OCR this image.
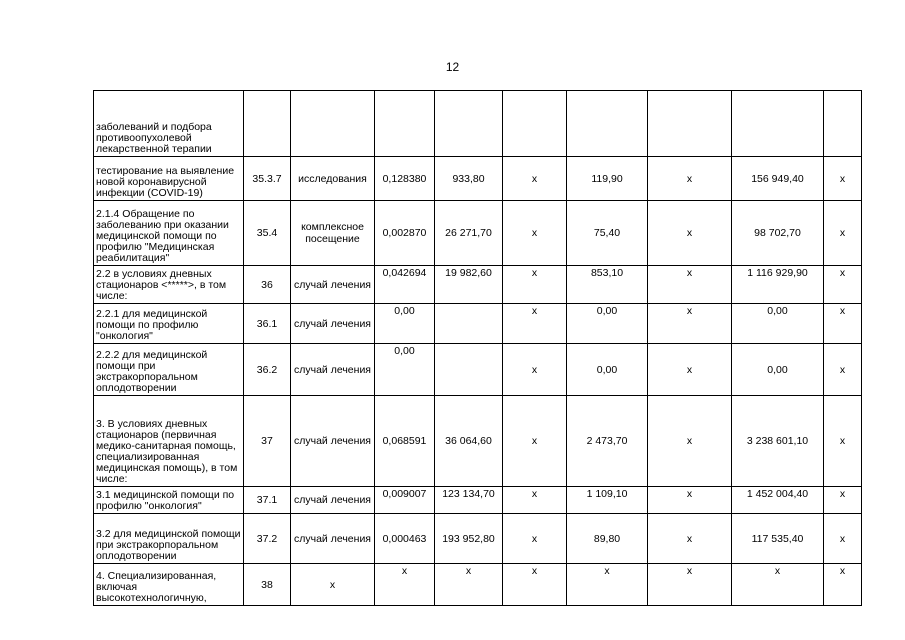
12
заболеваний и подбора противоопухолевой лекарственной терапии									
тестирование на выявление новой коронавирусной инфекции (COVID-19)	35.3.7	исследования	0,128380	933,80	х	119,90	х	156 949,40	х
2.1.4 Обращение по заболеванию при оказании медицинской помощи по профилю "Медицинская реабилитация"	35.4	комплексное посещение	0,002870	26 271,70	х	75,40	х	98 702,70	х
2.2 в условиях дневных стационаров <*****>, в том числе:	36	случай лечения	0,042694	19 982,60	х	853,10	х	1 116 929,90	х
2.2.1 для медицинской помощи по профилю "онкология"	36.1	случай лечения	0,00		х	0,00	х	0,00	х
2.2.2 для медицинской помощи при экстракорпоральном оплодотворении	36.2	случай лечения	0,00		х	0,00	х	0,00	х
3. В условиях дневных стационаров (первичная медико-санитарная помощь, специализированная медицинская помощь), в том числе:	37	случай лечения	0,068591	36 064,60	х	2 473,70	х	3 238 601,10	х
3.1 медицинской помощи по профилю "онкология"	37.1	случай лечения	0,009007	123 134,70	х	1 109,10	х	1 452 004,40	х
3.2 для медицинской помощи при экстракорпоральном оплодотворении	37.2	случай лечения	0,000463	193 952,80	х	89,80	х	117 535,40	х
4. Специализированная, включая высокотехнологичную,	38	х	х	х	х	х	х	х	х
